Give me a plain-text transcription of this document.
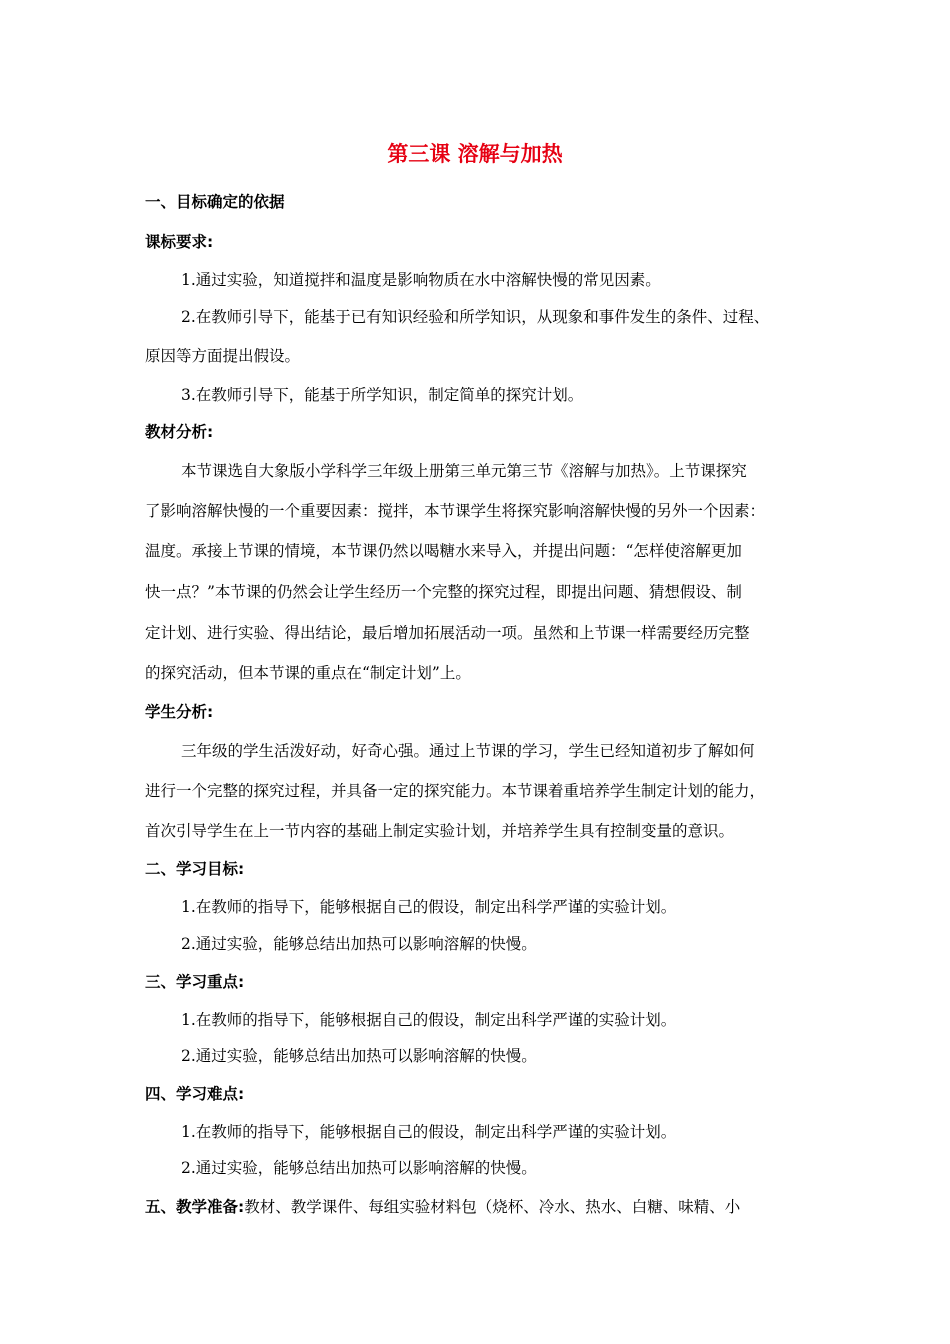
第三课 溶解与加热
一、目标确定的依据
课标要求:
1.通过实验，知道搅拌和温度是影响物质在水中溶解快慢的常见因素。
2.在教师引导下，能基于已有知识经验和所学知识，从现象和事件发生的条件、过程、
原因等方面提出假设。
3.在教师引导下，能基于所学知识，制定简单的探究计划。
教材分析:
本节课选自大象版小学科学三年级上册第三单元第三节《溶解与加热》。上节课探究
了影响溶解快慢的一个重要因素：搅拌，本节课学生将探究影响溶解快慢的另外一个因素：
温度。承接上节课的情境，本节课仍然以喝糖水来导入，并提出问题：“怎样使溶解更加
快一点？”本节课的仍然会让学生经历一个完整的探究过程，即提出问题、猜想假设、制
定计划、进行实验、得出结论，最后增加拓展活动一项。虽然和上节课一样需要经历完整
的探究活动，但本节课的重点在“制定计划”上。
学生分析:
三年级的学生活泼好动，好奇心强。通过上节课的学习，学生已经知道初步了解如何
进行一个完整的探究过程，并具备一定的探究能力。本节课着重培养学生制定计划的能力，
首次引导学生在上一节内容的基础上制定实验计划，并培养学生具有控制变量的意识。
二、学习目标:
1.在教师的指导下，能够根据自己的假设，制定出科学严谨的实验计划。
2.通过实验，能够总结出加热可以影响溶解的快慢。
三、学习重点:
1.在教师的指导下，能够根据自己的假设，制定出科学严谨的实验计划。
2.通过实验，能够总结出加热可以影响溶解的快慢。
四、学习难点:
1.在教师的指导下，能够根据自己的假设，制定出科学严谨的实验计划。
2.通过实验，能够总结出加热可以影响溶解的快慢。
五、教学准备:教材、教学课件、每组实验材料包（烧杯、冷水、热水、白糖、味精、小
